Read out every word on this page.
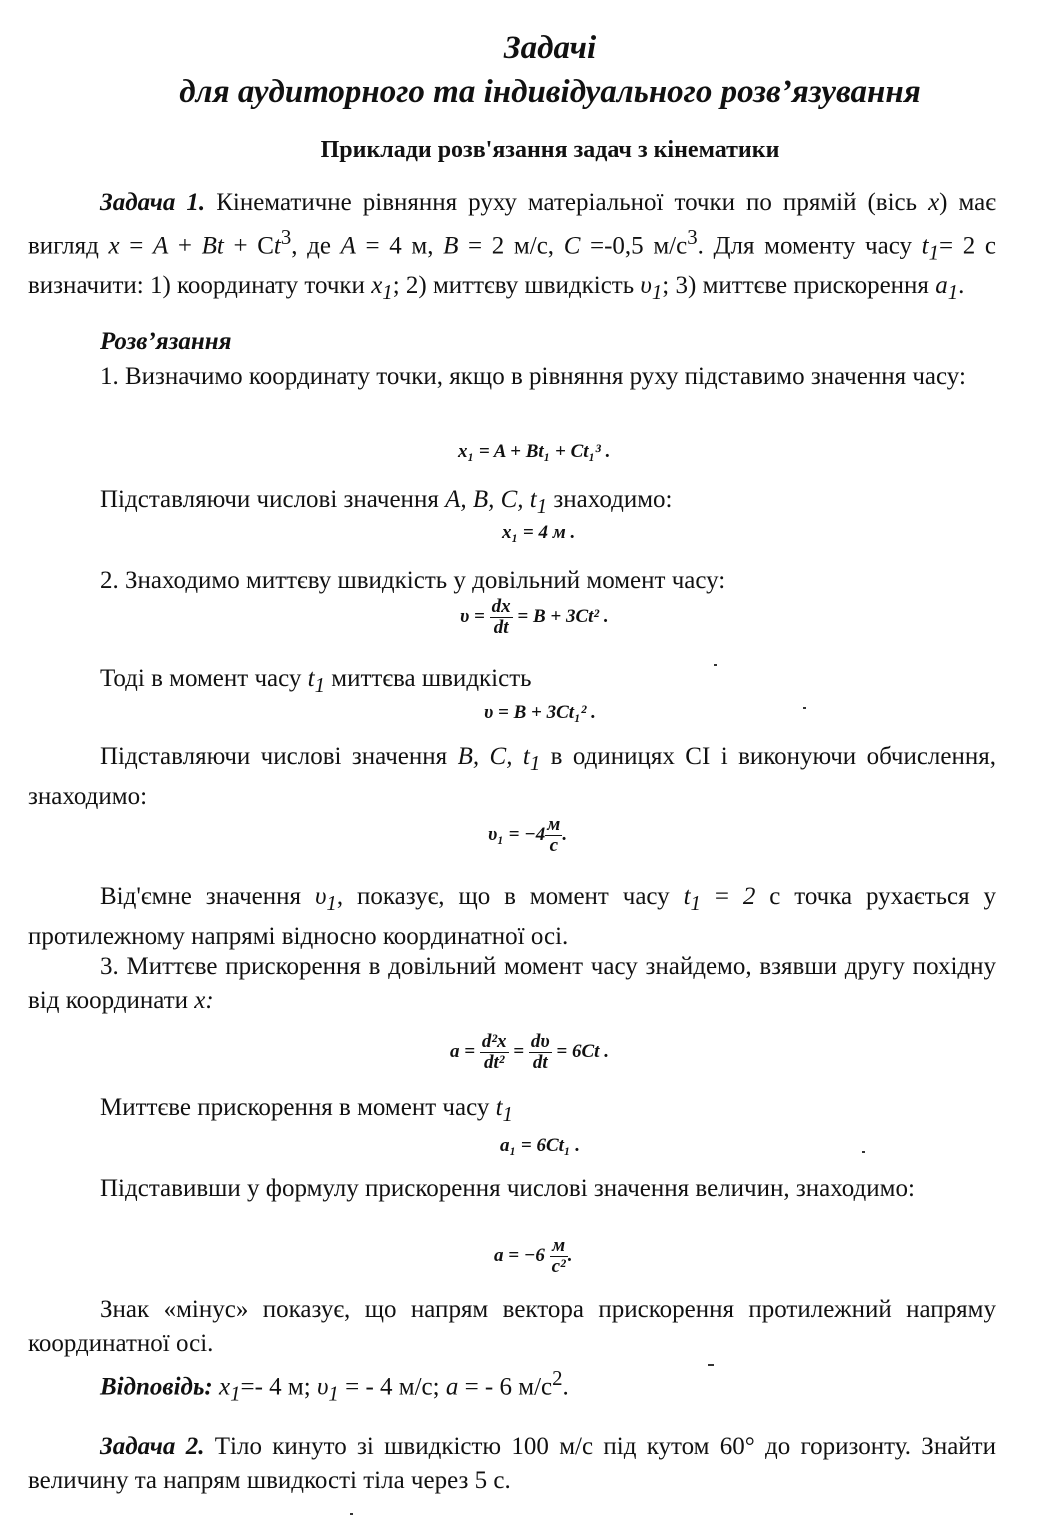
Задачі
для аудиторного та індивідуального розв’язування
Приклади розв'язання задач з кінематики

Задача 1. Кінематичне рівняння руху матеріальної точки по прямій (вісь x) має вигляд $x = A + Bt + Сt^3$, де A = 4 м, B = 2 м/с, C =-0,5 $м/с^3$. Для моменту часу $t_1= 2$ с визначити: 1) координату точки $x_1$; 2) миттєву швидкість $\upsilon_1$; 3) миттєве прискорення $a_1$.

Розв’язання

1. Визначимо координату точки, якщо в рівняння руху підставимо значення часу:

x₁ = A + Bt₁ + Ct₁³ .
Підставляючи числові значення A, B, C, $t_1$ знаходимо:
x₁ = 4 м .
2. Знаходимо миттєву швидкість у довільний момент часу:
$\upsilon = \frac{dx}{dt} = B + 3Ct^2$ .
Тоді в момент часу $t_1$ миттєва швидкість
υ = B + 3Ct₁² .

Підставляючи числові значення B, C, $t_1$ в одиницях СІ і виконуючи обчислення, знаходимо:

$\upsilon_1 = -4 \frac{м}{с}$ .

Від'ємне значення $\upsilon_1$, показує, що в момент часу $t_1 = 2$ с точка рухається у протилежному напрямі відносно координатної осі.

3. Миттєве прискорення в довільний момент часу знайдемо, взявши другу похідну від координати x:

$a = \frac{\text{d²x}}{\text{dt²}} = \frac{d\upsilon}{dt} = 6Ct$ .
Миттєве прискорення в момент часу $t_1$
a₁ = 6Ct₁ .

Підставивши у формулу прискорення числові значення величин, знаходимо:

$a = -6 \frac{м}{\text{с²}}$ .

Знак «мінус» показує, що напрям вектора прискорення протилежний напряму координатної осі.

Відповідь: $x_1=-$ 4 м; $\upsilon_1$ = - 4 м/с; a = - 6 $м/с^2$.

Задача 2. Тіло кинуто зі швидкістю 100 м/с під кутом 60° до горизонту. Знайти величину та напрям швидкості тіла через 5 с.
